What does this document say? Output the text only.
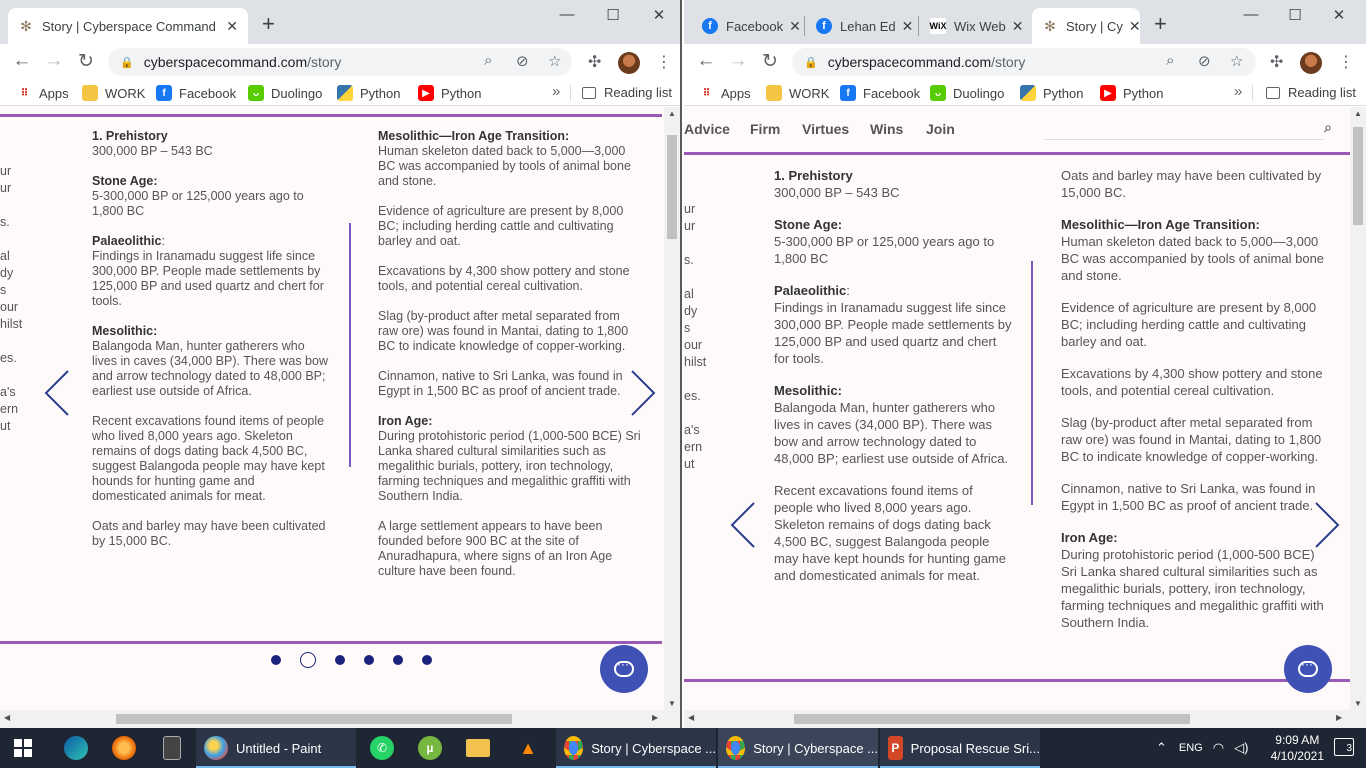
✻ Story | Cyberspace Command ✕ +	—	☐	✕
← → ↻	🔒 cyberspacecommand.com /story	⌕ ⊘ ☆ ✣	⋮
⠿ Apps	WORK	f	Facebook	ᴗ Duolingo	Python	▶ Python	»	Reading list
ur
ur
s.
al
dy
s
our
hilst
es.
a's
ern
ut

1. Prehistory
300,000 BP – 543 BC

Stone Age:
5-300,000 BP or 125,000 years ago to 1,800 BC

Palaeolithic:
Findings in Iranamadu suggest life since 300,000 BP. People made settlements by 125,000 BP and used quartz and chert for tools.

Mesolithic:
Balangoda Man, hunter gatherers who lives in caves (34,000 BP). There was bow and arrow technology dated to 48,000 BP; earliest use outside of Africa.

Recent excavations found items of people who lived 8,000 years ago. Skeleton remains of dogs dating back 4,500 BC, suggest Balangoda people may have kept hounds for hunting game and domesticated animals for meat.

Oats and barley may have been cultivated by 15,000 BC.

Mesolithic—Iron Age Transition:
Human skeleton dated back to 5,000—3,000 BC was accompanied by tools of animal bone and stone.

Evidence of agriculture are present by 8,000 BC; including herding cattle and cultivating barley and oat.

Excavations by 4,300 show pottery and stone tools, and potential cereal cultivation.

Slag (by-product after metal separated from raw ore) was found in Mantai, dating to 1,800 BC to indicate knowledge of copper-working.

Cinnamon, native to Sri Lanka, was found in Egypt in 1,500 BC as proof of ancient trade.

Iron Age:
During protohistoric period (1,000-500 BCE) Sri Lanka shared cultural similarities such as megalithic burials, pottery, iron technology, farming techniques and megalithic graffiti with Southern India.

A large settlement appears to have been founded before 900 BC at the site of Anuradhapura, where signs of an Iron Age culture have been found.

···
▲
▼
◀	▶
f	Facebook ✕	f	Lehan Ed ✕ WiX Wix Web ✕ ✻ Story | Cy ✕ +	—	☐	✕
← → ↻	🔒 cyberspacecommand.com /story	⌕ ⊘ ☆ ✣	⋮
⠿ Apps	WORK	f	Facebook	ᴗ Duolingo	Python	▶ Python	»	Reading list
Advice Firm Virtues Wins Join	⌕
ur
ur
s.
al
dy
s
our
hilst
es.
a's
ern
ut

1. Prehistory
300,000 BP – 543 BC

Stone Age:
5-300,000 BP or 125,000 years ago to 1,800 BC

Palaeolithic:
Findings in Iranamadu suggest life since 300,000 BP. People made settlements by 125,000 BP and used quartz and chert for tools.

Mesolithic:
Balangoda Man, hunter gatherers who lives in caves (34,000 BP). There was bow and arrow technology dated to 48,000 BP; earliest use outside of Africa.

Recent excavations found items of people who lived 8,000 years ago. Skeleton remains of dogs dating back 4,500 BC, suggest Balangoda people may have kept hounds for hunting game and domesticated animals for meat.

Oats and barley may have been cultivated by 15,000 BC.

Mesolithic—Iron Age Transition:
Human skeleton dated back to 5,000—3,000 BC was accompanied by tools of animal bone and stone.

Evidence of agriculture are present by 8,000 BC; including herding cattle and cultivating barley and oat.

Excavations by 4,300 show pottery and stone tools, and potential cereal cultivation.

Slag (by-product after metal separated from raw ore) was found in Mantai, dating to 1,800 BC to indicate knowledge of copper-working.

Cinnamon, native to Sri Lanka, was found in Egypt in 1,500 BC as proof of ancient trade.

Iron Age:
During protohistoric period (1,000-500 BCE) Sri Lanka shared cultural similarities such as megalithic burials, pottery, iron technology, farming techniques and megalithic graffiti with Southern India.

···
▲
▼
◀	▶
Untitled - Paint	✆	µ	▲	Story | Cyberspace ...	Story | Cyberspace ... P Proposal Rescue Sri...	⌃ ENG ◠ ◁)	9:09 AM
4/10/2021
3
